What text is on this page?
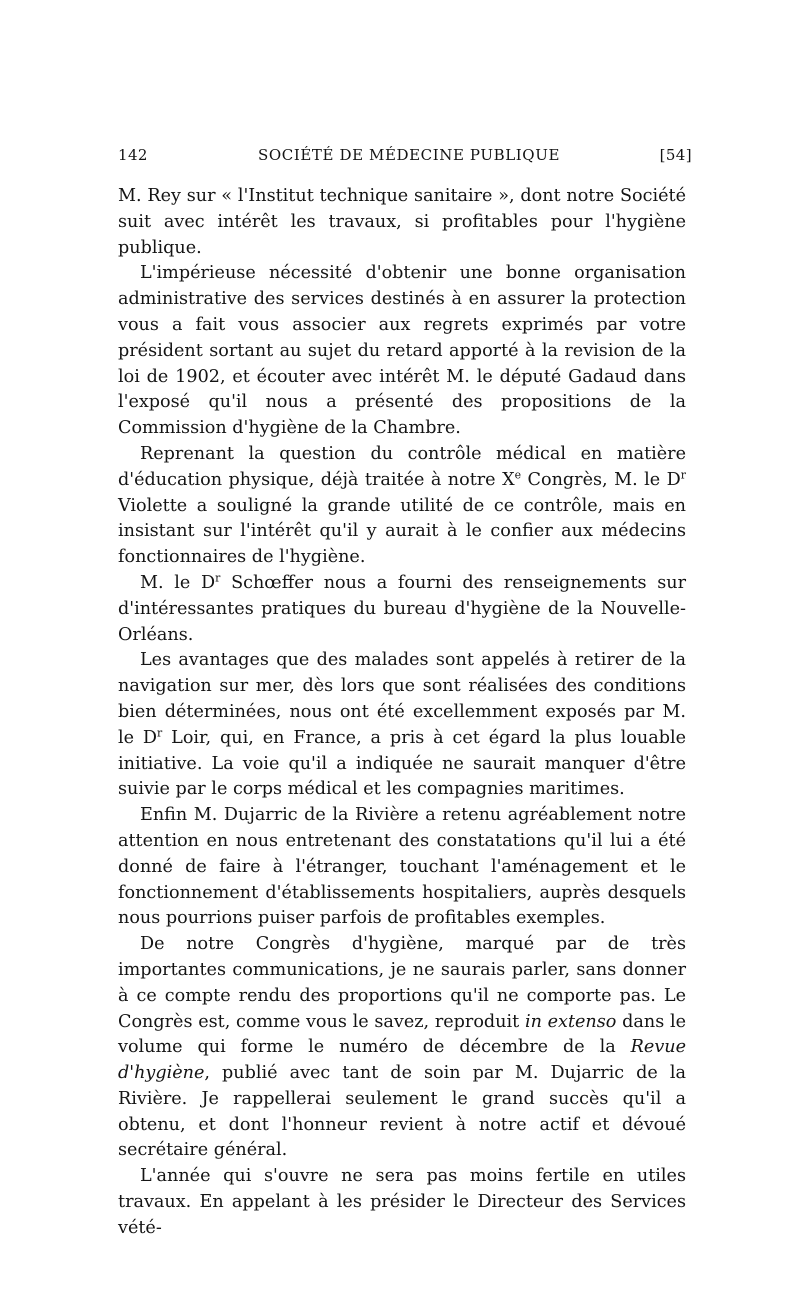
142	SOCIÉTÉ DE MÉDECINE PUBLIQUE	[54]

M. Rey sur « l'Institut technique sanitaire », dont notre Société suit avec intérêt les travaux, si profitables pour l'hygiène publique.

L'impérieuse nécessité d'obtenir une bonne organisation administrative des services destinés à en assurer la protection vous a fait vous associer aux regrets exprimés par votre président sortant au sujet du retard apporté à la revision de la loi de 1902, et écouter avec intérêt M. le député Gadaud dans l'exposé qu'il nous a présenté des propositions de la Commission d'hygiène de la Chambre.

Reprenant la question du contrôle médical en matière d'éducation physique, déjà traitée à notre Xe Congrès, M. le $D^r$ Violette a souligné la grande utilité de ce contrôle, mais en insistant sur l'intérêt qu'il y aurait à le confier aux médecins fonctionnaires de l'hygiène.

M. le $D^r$ Schœffer nous a fourni des renseignements sur d'intéressantes pratiques du bureau d'hygiène de la Nouvelle-Orléans.

Les avantages que des malades sont appelés à retirer de la navigation sur mer, dès lors que sont réalisées des conditions bien déterminées, nous ont été excellemment exposés par M. le $D^r$ Loir, qui, en France, a pris à cet égard la plus louable initiative. La voie qu'il a indiquée ne saurait manquer d'être suivie par le corps médical et les compagnies maritimes.

Enfin M. Dujarric de la Rivière a retenu agréablement notre attention en nous entretenant des constatations qu'il lui a été donné de faire à l'étranger, touchant l'aménagement et le fonctionnement d'établissements hospitaliers, auprès desquels nous pourrions puiser parfois de profitables exemples.

De notre Congrès d'hygiène, marqué par de très importantes communications, je ne saurais parler, sans donner à ce compte rendu des proportions qu'il ne comporte pas. Le Congrès est, comme vous le savez, reproduit in extenso dans le volume qui forme le numéro de décembre de la Revue d'hygiène, publié avec tant de soin par M. Dujarric de la Rivière. Je rappellerai seulement le grand succès qu'il a obtenu, et dont l'honneur revient à notre actif et dévoué secrétaire général.

L'année qui s'ouvre ne sera pas moins fertile en utiles travaux. En appelant à les présider le Directeur des Services vété-
